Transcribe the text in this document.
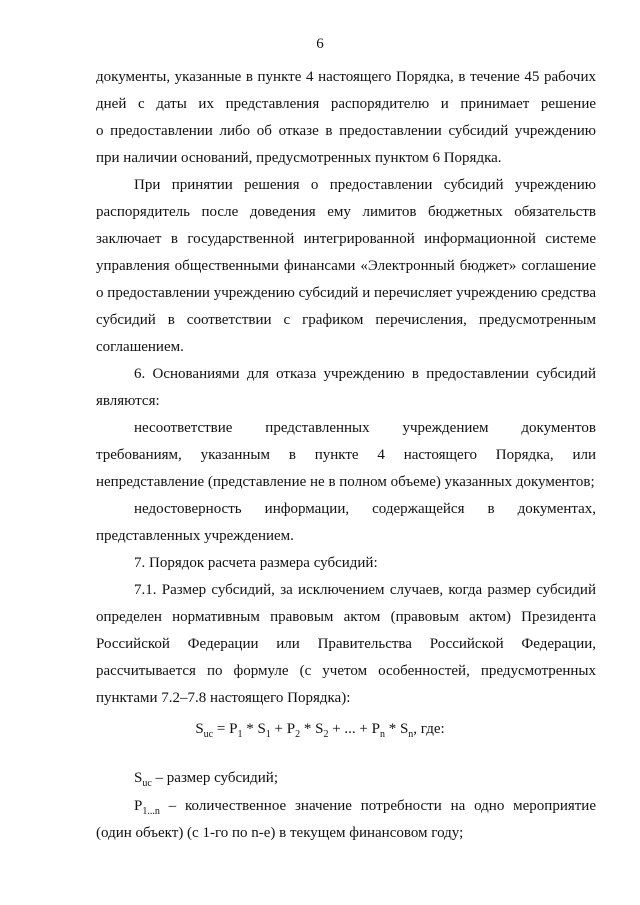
6

документы, указанные в пункте 4 настоящего Порядка, в течение 45 рабочих
дней с даты их представления распорядителю и принимает решение
о предоставлении либо об отказе в предоставлении субсидий учреждению
при наличии оснований, предусмотренных пунктом 6 Порядка.

При принятии решения о предоставлении субсидий учреждению
распорядитель после доведения ему лимитов бюджетных обязательств
заключает в государственной интегрированной информационной системе
управления общественными финансами «Электронный бюджет» соглашение
о предоставлении учреждению субсидий и перечисляет учреждению средства
субсидий в соответствии с графиком перечисления, предусмотренным
соглашением.

6. Основаниями для отказа учреждению в предоставлении субсидий
являются:

несоответствие представленных учреждением документов
требованиям, указанным в пункте 4 настоящего Порядка, или
непредставление (представление не в полном объеме) указанных документов;

недостоверность информации, содержащейся в документах,
представленных учреждением.

7. Порядок расчета размера субсидий:

7.1. Размер субсидий, за исключением случаев, когда размер субсидий
определен нормативным правовым актом (правовым актом) Президента
Российской Федерации или Правительства Российской Федерации,
рассчитывается по формуле (с учетом особенностей, предусмотренных
пунктами 7.2–7.8 настоящего Порядка):

$S_{uc} = P_1 * S_1 + P_2 * S_2$ + ... + $P_n * S_n$, где:
$S_{uc}$ – размер субсидий;
$P_{1...n}$ – количественное значение потребности на одно мероприятие
(один объект) (с 1-го по n-е) в текущем финансовом году;
